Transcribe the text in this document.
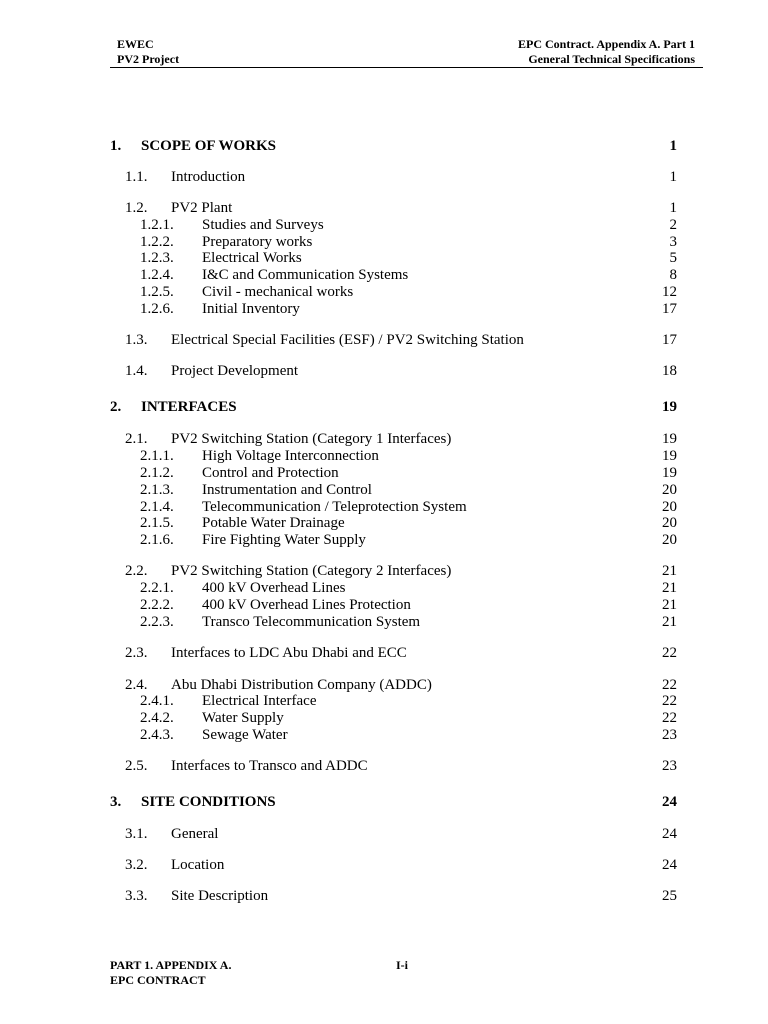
EWEC
PV2 Project
EPC Contract. Appendix A. Part 1
General Technical Specifications
1. SCOPE OF WORKS	1
1.1. Introduction	1
1.2. PV2 Plant	1
1.2.1. Studies and Surveys	2
1.2.2. Preparatory works	3
1.2.3. Electrical Works	5
1.2.4. I&C and Communication Systems	8
1.2.5. Civil - mechanical works	12
1.2.6. Initial Inventory	17
1.3. Electrical Special Facilities (ESF) / PV2 Switching Station	17
1.4. Project Development	18
2. INTERFACES	19
2.1. PV2 Switching Station (Category 1 Interfaces)	19
2.1.1. High Voltage Interconnection	19
2.1.2. Control and Protection	19
2.1.3. Instrumentation and Control	20
2.1.4. Telecommunication / Teleprotection System	20
2.1.5. Potable Water Drainage	20
2.1.6. Fire Fighting Water Supply	20
2.2. PV2 Switching Station (Category 2 Interfaces)	21
2.2.1. 400 kV Overhead Lines	21
2.2.2. 400 kV Overhead Lines Protection	21
2.2.3. Transco Telecommunication System	21
2.3. Interfaces to LDC Abu Dhabi and ECC	22
2.4. Abu Dhabi Distribution Company (ADDC)	22
2.4.1. Electrical Interface	22
2.4.2. Water Supply	22
2.4.3. Sewage Water	23
2.5. Interfaces to Transco and ADDC	23
3. SITE CONDITIONS	24
3.1. General	24
3.2. Location	24
3.3. Site Description	25
PART 1. APPENDIX A.
EPC CONTRACT
I-i
